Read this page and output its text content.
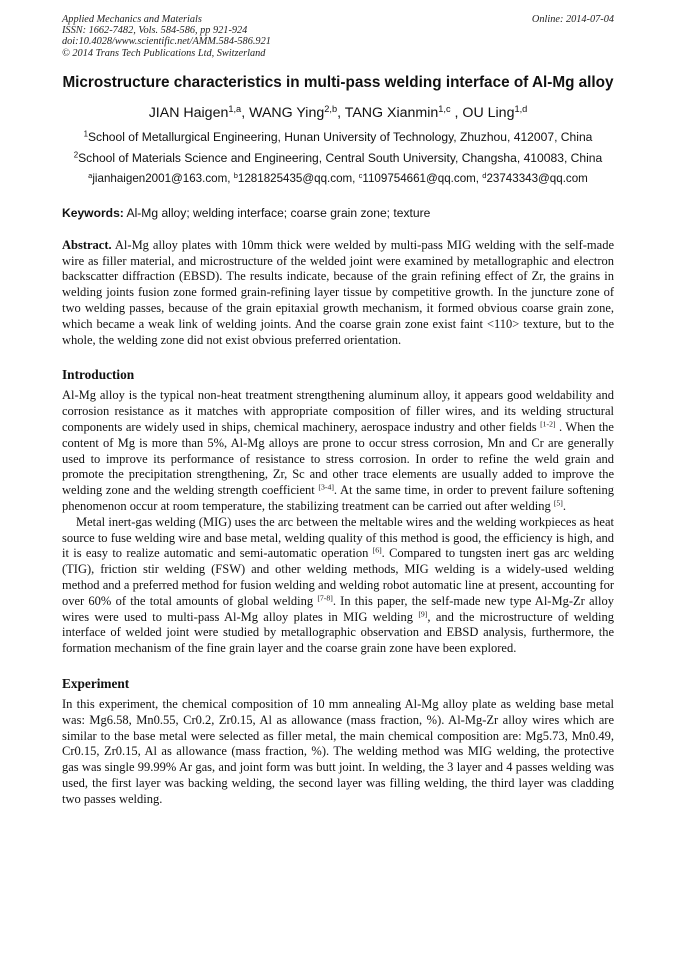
Applied Mechanics and Materials
ISSN: 1662-7482, Vols. 584-586, pp 921-924
doi:10.4028/www.scientific.net/AMM.584-586.921
© 2014 Trans Tech Publications Ltd, Switzerland
Online: 2014-07-04
Microstructure characteristics in multi-pass welding interface of Al-Mg alloy
JIAN Haigen$^{1,a}$, WANG Ying$^{2,b}$, TANG Xianmin$^{1,c}$ , OU Ling$^{1,d}$
$^1$School of Metallurgical Engineering, Hunan University of Technology, Zhuzhou, 412007, China
$^2$School of Materials Science and Engineering, Central South University, Changsha, 410083, China
$^a$jianhaigen2001@163.com, $^b$1281825435@qq.com, $^c$1109754661@qq.com, $^d$23743343@qq.com
Keywords: Al-Mg alloy; welding interface; coarse grain zone; texture
Abstract. Al-Mg alloy plates with 10mm thick were welded by multi-pass MIG welding with the self-made wire as filler material, and microstructure of the welded joint were examined by metallographic and electron backscatter diffraction (EBSD). The results indicate, because of the grain refining effect of Zr, the grains in welding joints fusion zone formed grain-refining layer tissue by competitive growth. In the juncture zone of two welding passes, because of the grain epitaxial growth mechanism, it formed obvious coarse grain zone, which became a weak link of welding joints. And the coarse grain zone exist faint <110> texture, but to the whole, the welding zone did not exist obvious preferred orientation.
Introduction

Al-Mg alloy is the typical non-heat treatment strengthening aluminum alloy, it appears good weldability and corrosion resistance as it matches with appropriate composition of filler wires, and its welding structural components are widely used in ships, chemical machinery, aerospace industry and other fields [1-2] . When the content of Mg is more than 5%, Al-Mg alloys are prone to occur stress corrosion, Mn and Cr are generally used to improve its performance of resistance to stress corrosion. In order to refine the weld grain and promote the precipitation strengthening, Zr, Sc and other trace elements are usually added to improve the welding zone and the welding strength coefficient [3-4]. At the same time, in order to prevent failure softening phenomenon occur at room temperature, the stabilizing treatment can be carried out after welding [5].

Metal inert-gas welding (MIG) uses the arc between the meltable wires and the welding workpieces as heat source to fuse welding wire and base metal, welding quality of this method is good, the efficiency is high, and it is easy to realize automatic and semi-automatic operation [6]. Compared to tungsten inert gas arc welding (TIG), friction stir welding (FSW) and other welding methods, MIG welding is a widely-used welding method and a preferred method for fusion welding and welding robot automatic line at present, accounting for over 60% of the total amounts of global welding [7-8]. In this paper, the self-made new type Al-Mg-Zr alloy wires were used to multi-pass Al-Mg alloy plates in MIG welding [9], and the microstructure of welding interface of welded joint were studied by metallographic observation and EBSD analysis, furthermore, the formation mechanism of the fine grain layer and the coarse grain zone have been explored.

Experiment

In this experiment, the chemical composition of 10 mm annealing Al-Mg alloy plate as welding base metal was: Mg6.58, Mn0.55, Cr0.2, Zr0.15, Al as allowance (mass fraction, %). Al-Mg-Zr alloy wires which are similar to the base metal were selected as filler metal, the main chemical composition are: Mg5.73, Mn0.49, Cr0.15, Zr0.15, Al as allowance (mass fraction, %). The welding method was MIG welding, the protective gas was single 99.99% Ar gas, and joint form was butt joint. In welding, the 3 layer and 4 passes welding was used, the first layer was backing welding, the second layer was filling welding, the third layer was cladding two passes welding.
